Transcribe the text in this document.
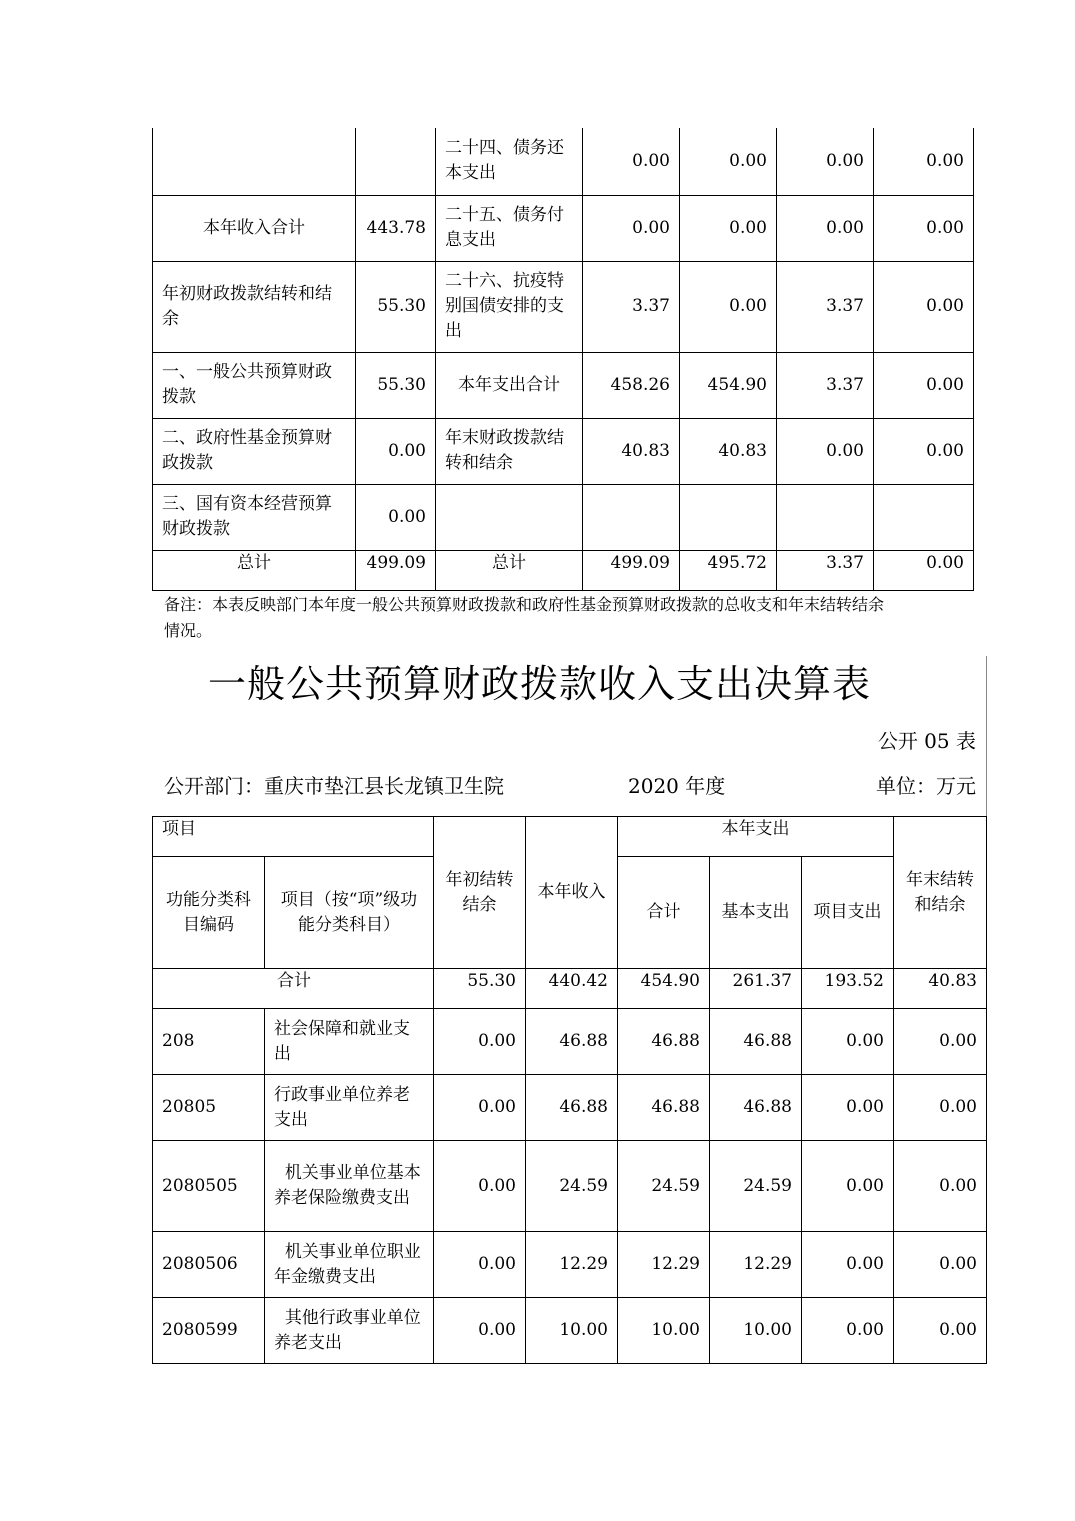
		二十四、债务还本支出	0.00	0.00	0.00	0.00
本年收入合计	443.78	二十五、债务付息支出	0.00	0.00	0.00	0.00
年初财政拨款结转和结余	55.30	二十六、抗疫特别国债安排的支出	3.37	0.00	3.37	0.00
一、一般公共预算财政拨款	55.30	本年支出合计	458.26	454.90	3.37	0.00
二、政府性基金预算财政拨款	0.00	年末财政拨款结转和结余	40.83	40.83	0.00	0.00
三、国有资本经营预算财政拨款	0.00					
总计	499.09	总计	499.09	495.72	3.37	0.00
备注：本表反映部门本年度一般公共预算财政拨款和政府性基金预算财政拨款的总收支和年末结转结余情况。
一般公共预算财政拨款收入支出决算表
公开 05 表
公开部门：重庆市垫江县长龙镇卫生院	2020 年度	单位：万元
项目		年初结转结余	本年收入	本年支出			年末结转和结余
功能分类科目编码	项目（按“项”级功能分类科目）			合计	基本支出	项目支出	
合计		55.30	440.42	454.90	261.37	193.52	40.83
208	社会保障和就业支出	0.00	46.88	46.88	46.88	0.00	0.00
20805	行政事业单位养老支出	0.00	46.88	46.88	46.88	0.00	0.00
2080505	机关事业单位基本养老保险缴费支出	0.00	24.59	24.59	24.59	0.00	0.00
2080506	机关事业单位职业年金缴费支出	0.00	12.29	12.29	12.29	0.00	0.00
2080599	其他行政事业单位养老支出	0.00	10.00	10.00	10.00	0.00	0.00
